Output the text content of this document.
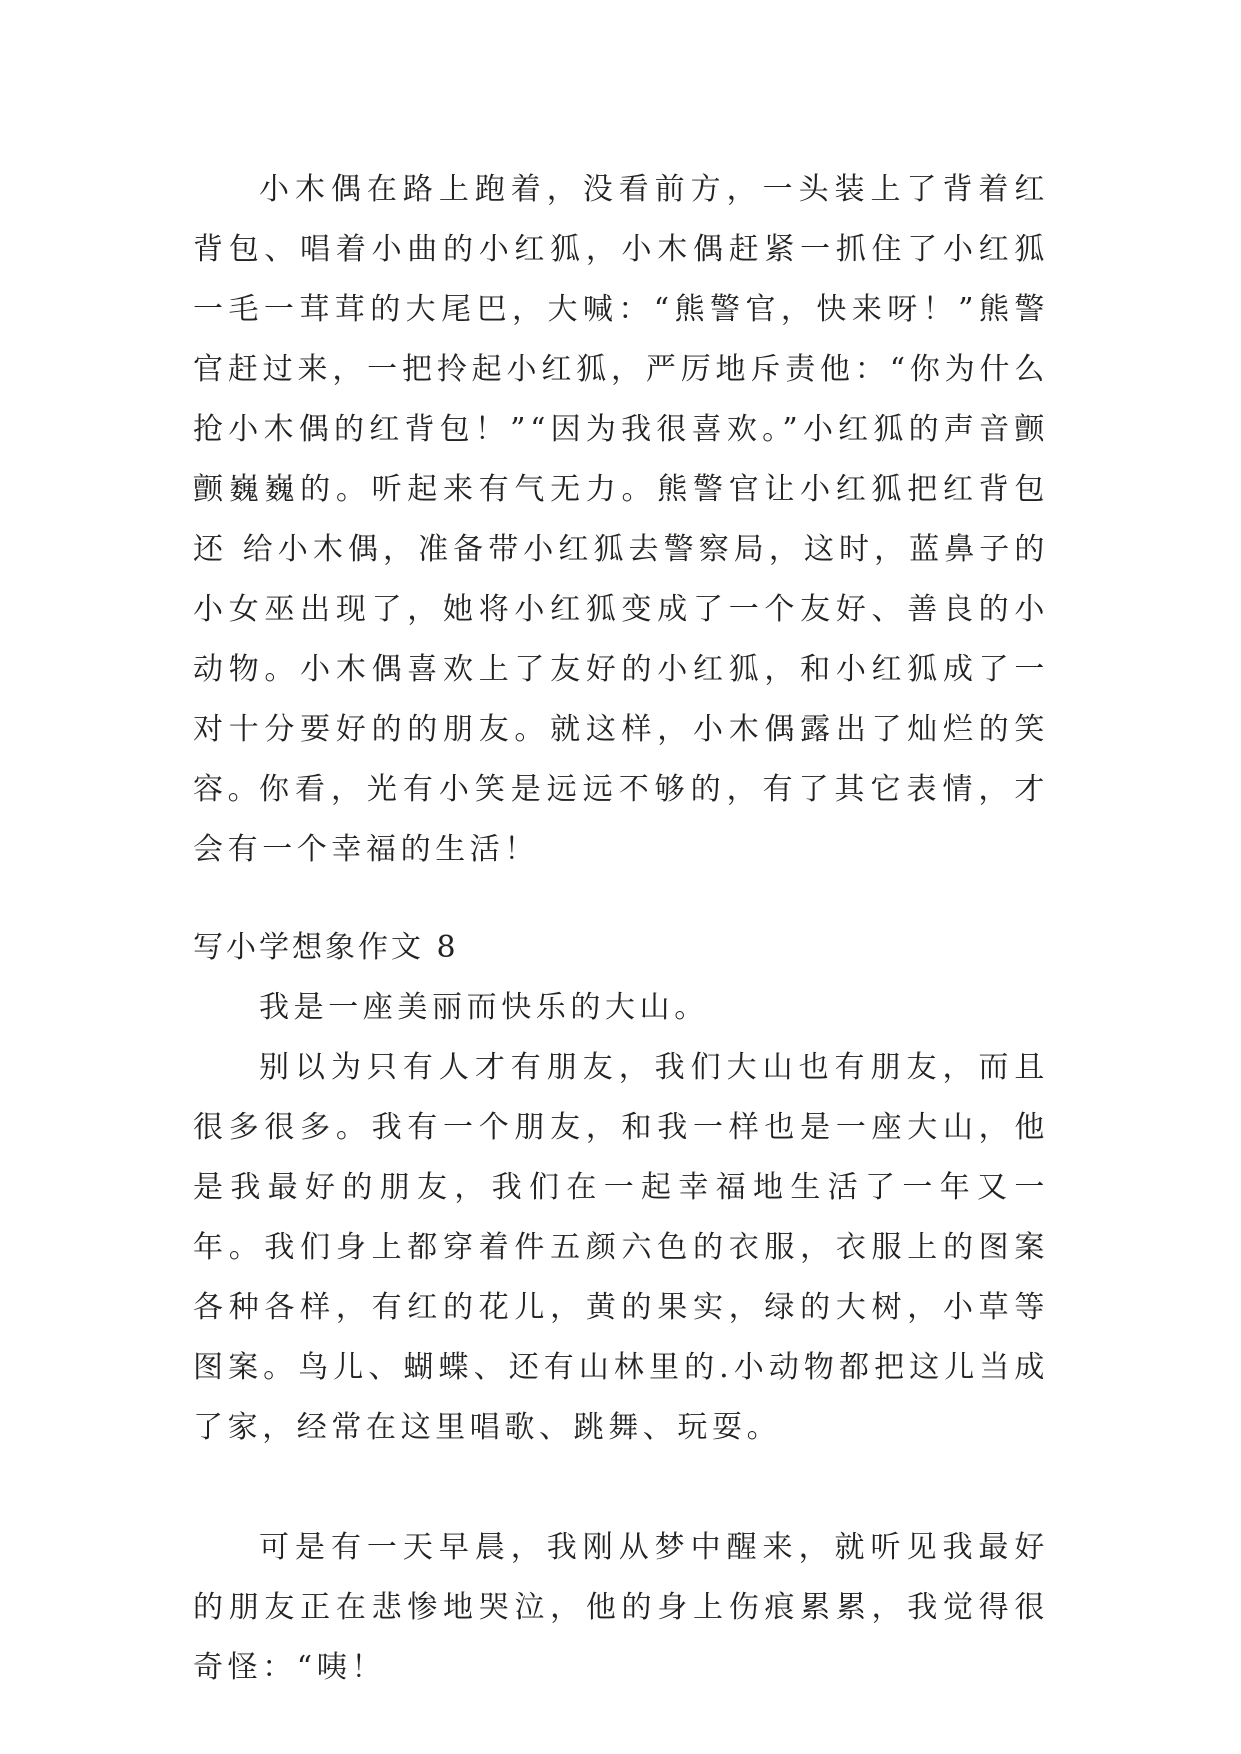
小木偶在路上跑着，没看前方，一头装上了背着红背包、唱着小曲的小红狐，小木偶赶紧一抓住了小红狐一毛一茸茸的大尾巴，大喊：“熊警官，快来呀！”熊警官赶过来，一把拎起小红狐，严厉地斥责他：“你为什么抢小木偶的红背包！”“因为我很喜欢。”小红狐的声音颤颤巍巍的。听起来有气无力。熊警官让小红狐把红背包还 给小木偶，准备带小红狐去警察局，这时，蓝鼻子的小女巫出现了，她将小红狐变成了一个友好、善良的小动物。小木偶喜欢上了友好的小红狐，和小红狐成了一对十分要好的的朋友。就这样，小木偶露出了灿烂的笑容。

你看，光有小笑是远远不够的，有了其它表情，才会有一个幸福的生活！

写小学想象作文 8

我是一座美丽而快乐的大山。

别以为只有人才有朋友，我们大山也有朋友，而且很多很多。我有一个朋友，和我一样也是一座大山，他是我最好的朋友，我们在一起幸福地生活了一年又一年。我们身上都穿着件五颜六色的衣服，衣服上的图案各种各样，有红的花儿，黄的果实，绿的大树，小草等图案。鸟儿、蝴蝶、还有山林里的.小动物都把这儿当成了家，经常在这里唱歌、跳舞、玩耍。

可是有一天早晨，我刚从梦中醒来，就听见我最好的朋友正在悲惨地哭泣，他的身上伤痕累累，我觉得很奇怪：“咦！
